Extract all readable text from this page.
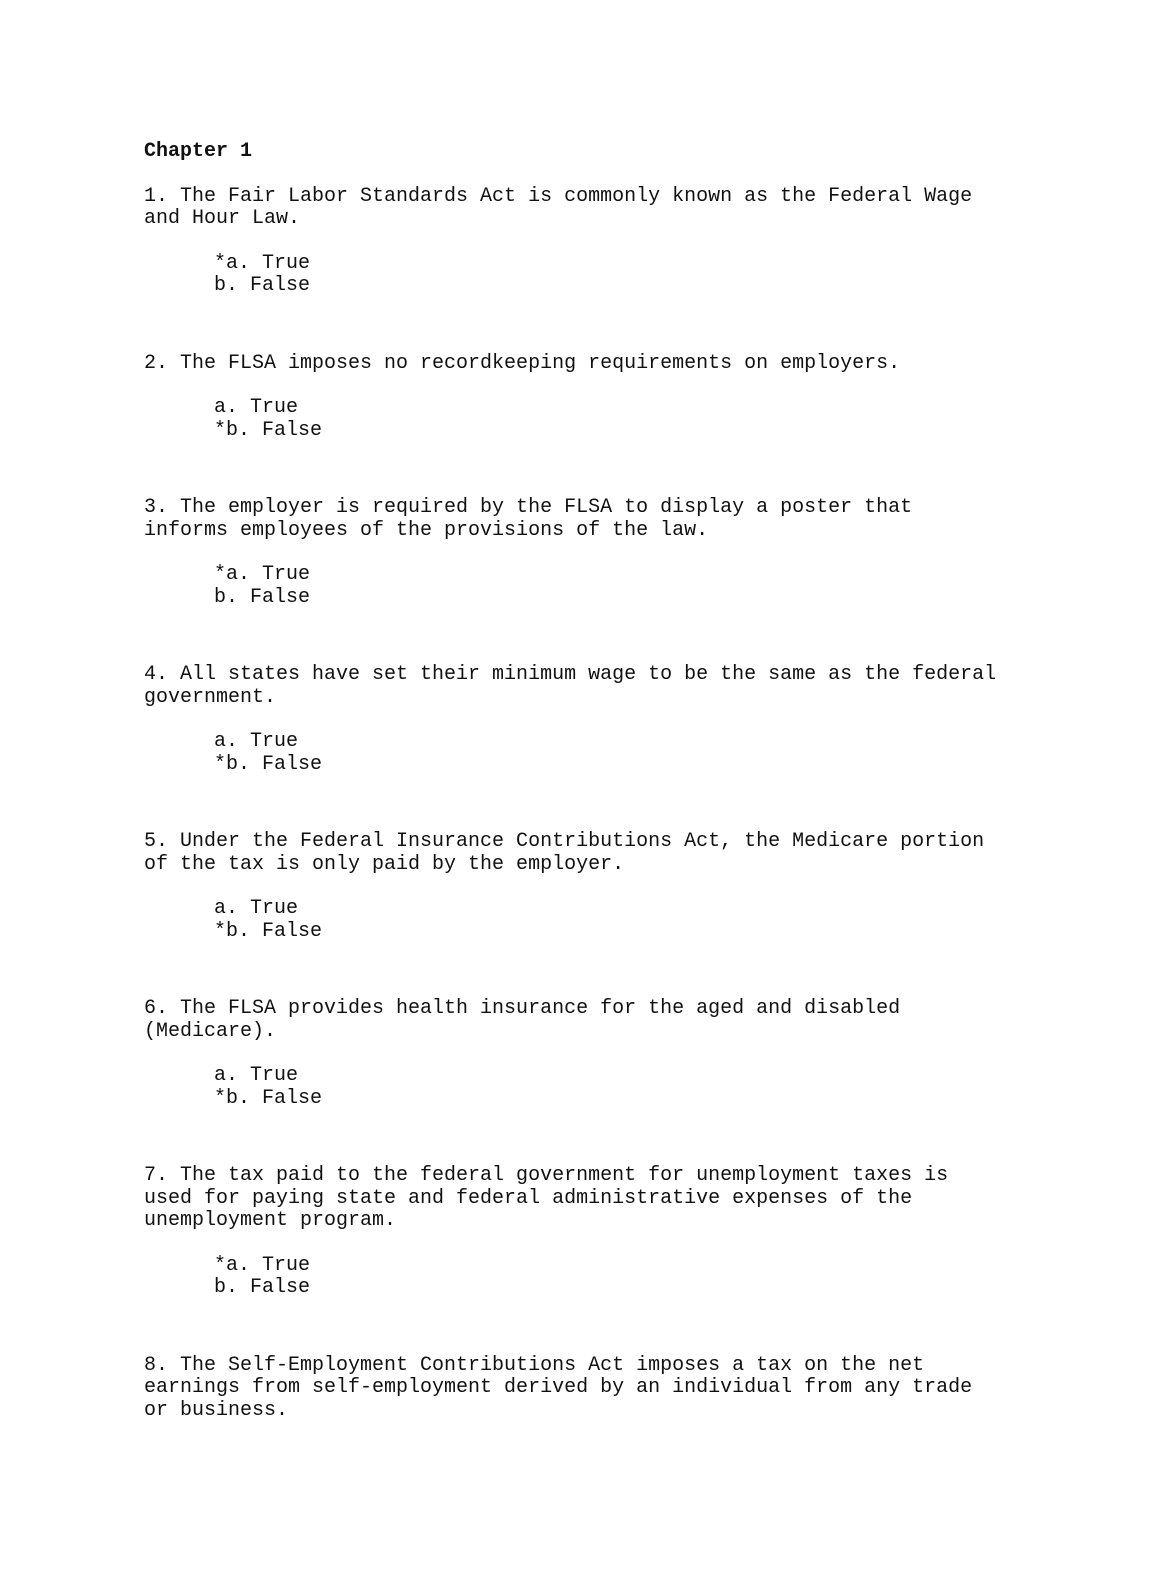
Chapter 1
1. The Fair Labor Standards Act is commonly known as the Federal Wage
and Hour Law.
*a. True
b. False
2. The FLSA imposes no recordkeeping requirements on employers.
a. True
*b. False
3. The employer is required by the FLSA to display a poster that
informs employees of the provisions of the law.
*a. True
b. False
4. All states have set their minimum wage to be the same as the federal
government.
a. True
*b. False
5. Under the Federal Insurance Contributions Act, the Medicare portion
of the tax is only paid by the employer.
a. True
*b. False
6. The FLSA provides health insurance for the aged and disabled
(Medicare).
a. True
*b. False
7. The tax paid to the federal government for unemployment taxes is
used for paying state and federal administrative expenses of the
unemployment program.
*a. True
b. False
8. The Self-Employment Contributions Act imposes a tax on the net
earnings from self-employment derived by an individual from any trade
or business.
